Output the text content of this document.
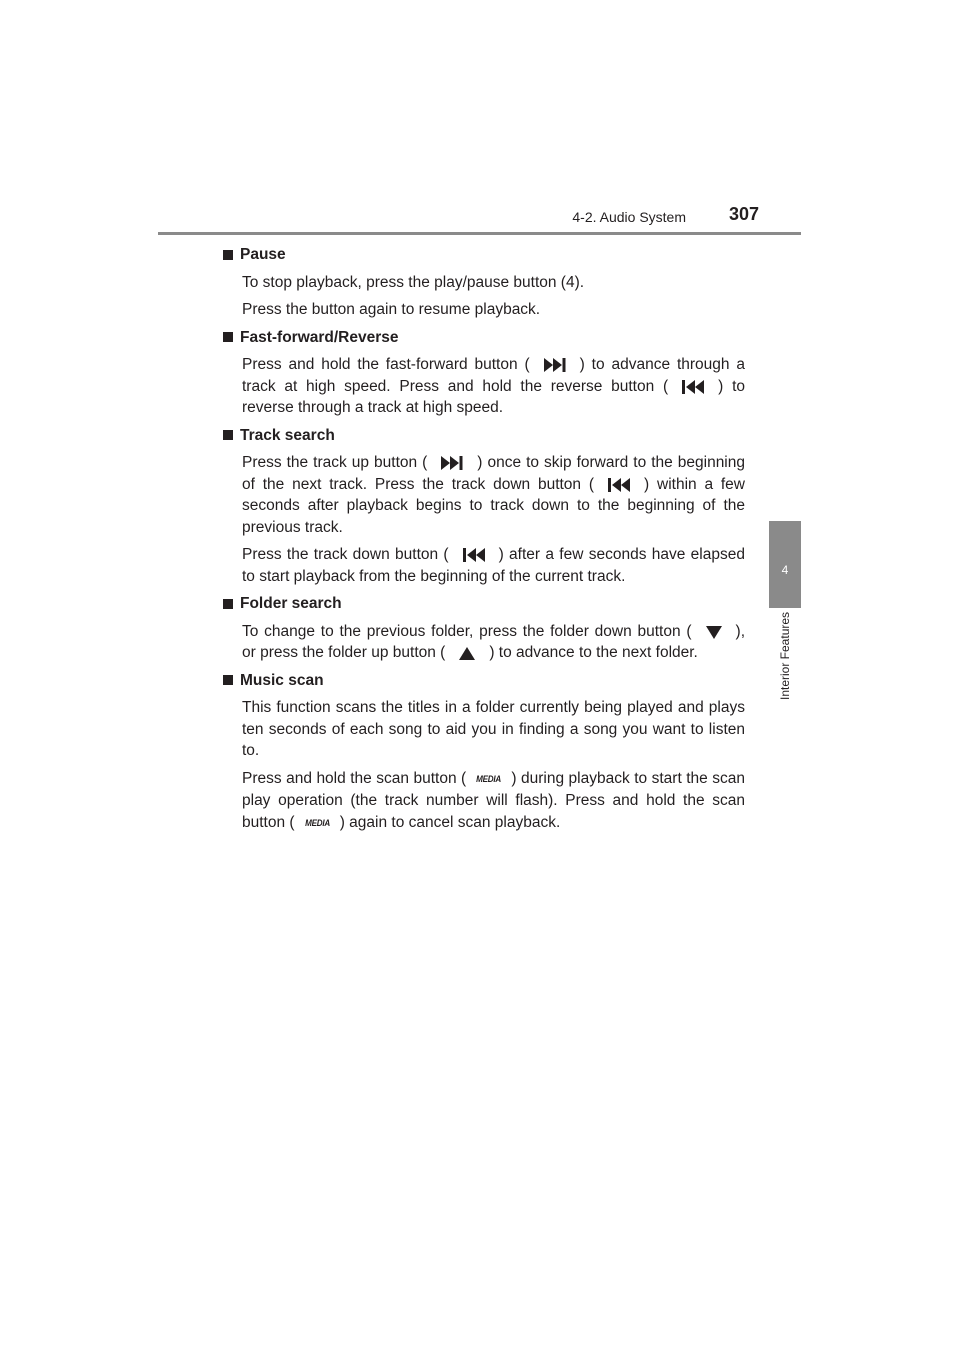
4-2. Audio System 307
4
Interior Features
Pause

To stop playback, press the play/pause button (4).

Press the button again to resume playback.

Fast-forward/Reverse

Press and hold the fast-forward button (	) to advance through a track at high speed. Press and hold the reverse button (	) to reverse through a track at high speed.

Track search

Press the track up button (	) once to skip forward to the beginning of the next track. Press the track down button (	) within a few seconds after playback begins to track down to the beginning of the previous track.

Press the track down button (	) after a few seconds have elapsed to start playback from the beginning of the current track.

Folder search

To change to the previous folder, press the folder down button (	), or press the folder up button (	) to advance to the next folder.

Music scan

This function scans the titles in a folder currently being played and plays ten seconds of each song to aid you in finding a song you want to listen to.

Press and hold the scan button ( MEDIA ) during playback to start the scan play operation (the track number will flash). Press and hold the scan button ( MEDIA ) again to cancel scan playback.
